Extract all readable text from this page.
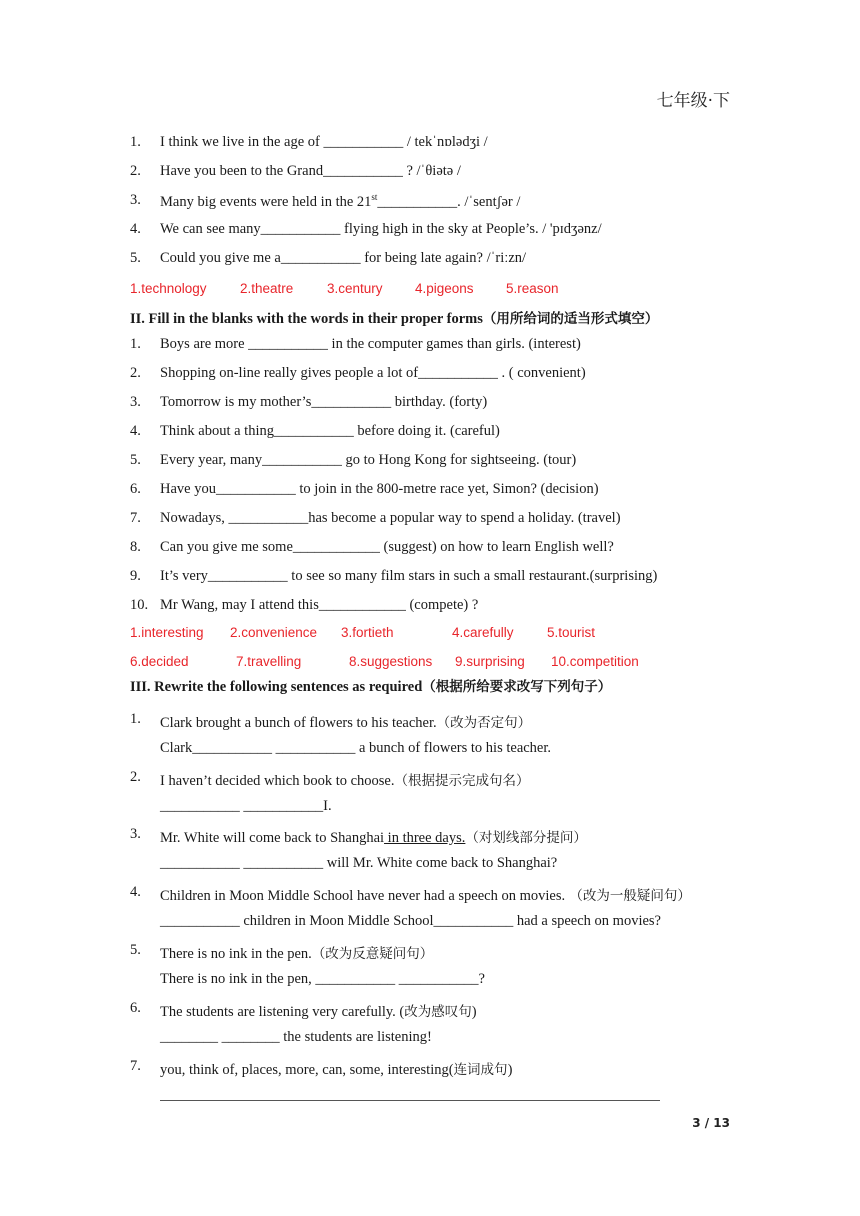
七年级·下
1. I think we live in the age of ___________ / tekˈnɒlədʒi /
2. Have you been to the Grand___________ ? /ˈθiətə /
3. Many big events were held in the 21st___________. /ˈsentʃər /
4. We can see many___________ flying high in the sky at People’s. / 'pɪdʒənz/
5. Could you give me a___________ for being late again? /ˈriːzn/
1.technology 2.theatre 3.century 4.pigeons 5.reason
II. Fill in the blanks with the words in their proper forms（用所给词的适当形式填空）
1. Boys are more ___________ in the computer games than girls. (interest)
2. Shopping on-line really gives people a lot of___________ . ( convenient)
3. Tomorrow is my mother’s___________ birthday. (forty)
4. Think about a thing___________ before doing it. (careful)
5. Every year, many___________ go to Hong Kong for sightseeing. (tour)
6. Have you___________ to join in the 800-metre race yet, Simon? (decision)
7. Nowadays, ___________has become a popular way to spend a holiday. (travel)
8. Can you give me some____________ (suggest) on how to learn English well?
9. It’s very___________ to see so many film stars in such a small restaurant.(surprising)
10. Mr Wang, may I attend this____________ (compete) ?
1.interesting 2.convenience 3.fortieth	4.carefully 5.tourist
6.decided	7.travelling	8.suggestions 9.surprising 10.competition
III. Rewrite the following sentences as required（根据所给要求改写下列句子）
1. Clark brought a bunch of flowers to his teacher.（改为否定句）
Clark___________ ___________ a bunch of flowers to his teacher.
2. I haven’t decided which book to choose.（根据提示完成句名）
___________ ___________I.
3. Mr. White will come back to Shanghai in three days.（对划线部分提问）
___________ ___________ will Mr. White come back to Shanghai?
4. Children in Moon Middle School have never had a speech on movies. （改为一般疑问句）
___________ children in Moon Middle School___________ had a speech on movies?
5. There is no ink in the pen.（改为反意疑问句）
There is no ink in the pen, ___________ ___________?
6. The students are listening very carefully. (改为感叹句)
________ ________ the students are listening!
7. you, think of, places, more, can, some, interesting(连词成句)
3 / 13
